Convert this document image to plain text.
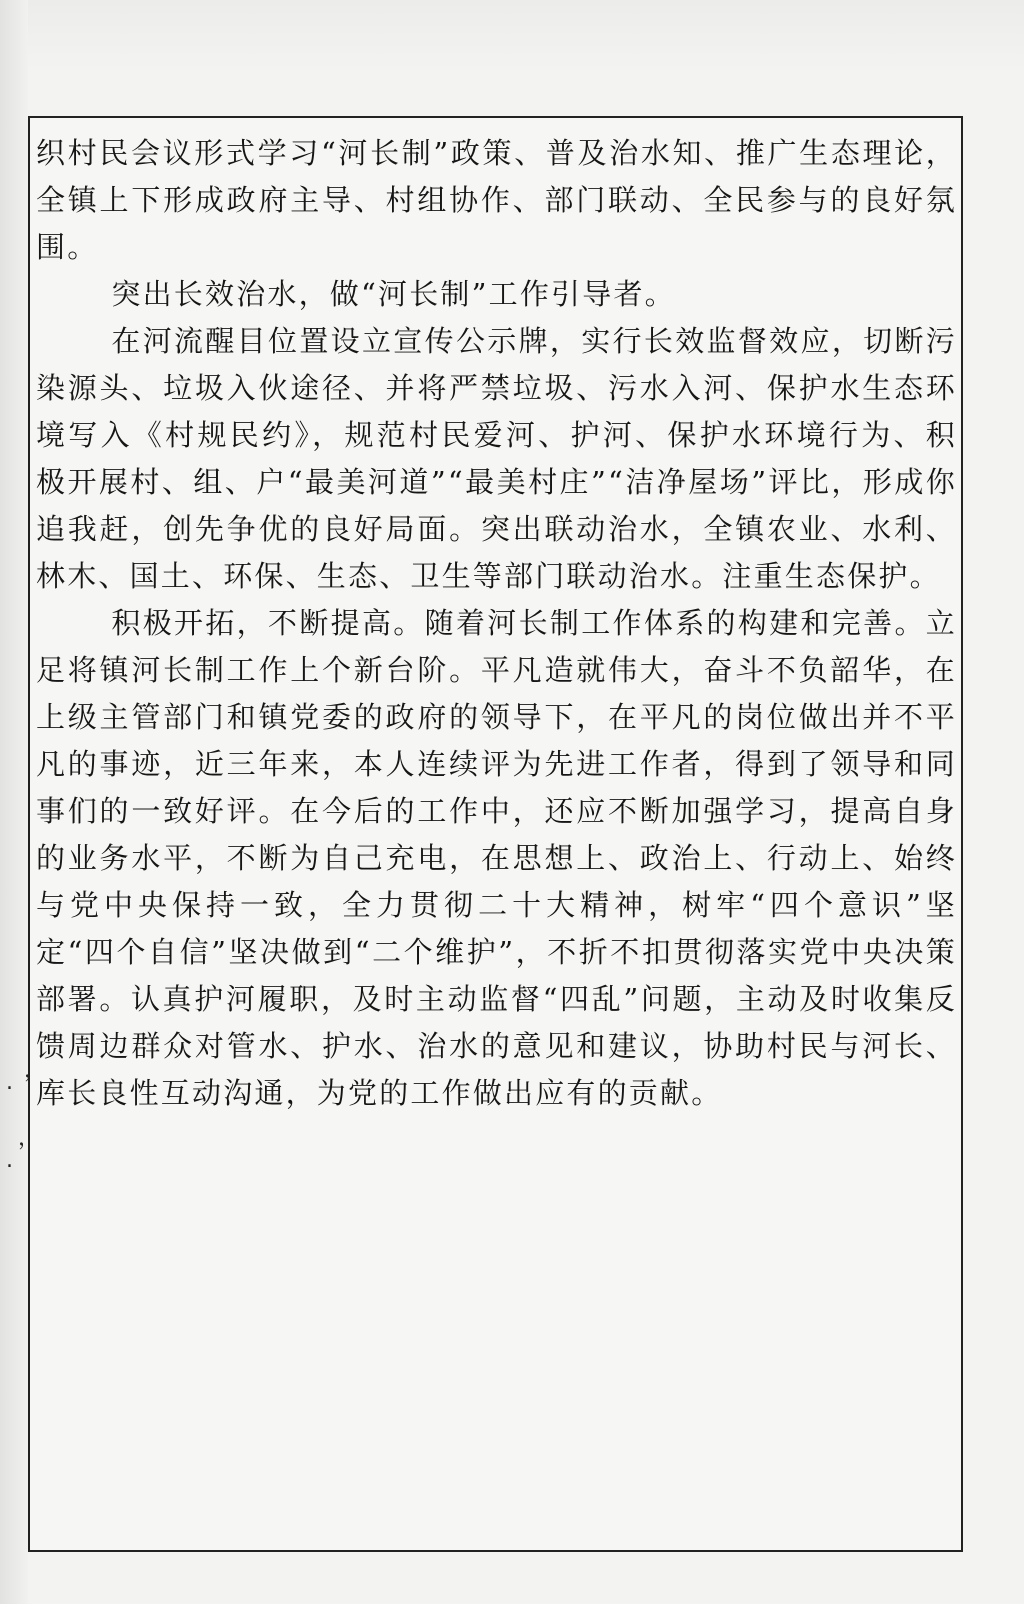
织村民会议形式学习“河长制”政策、普及治水知、推广生态理论，全镇上下形成政府主导、村组协作、部门联动、全民参与的良好氛围。

突出长效治水，做“河长制”工作引导者。

在河流醒目位置设立宣传公示牌，实行长效监督效应，切断污染源头、垃圾入伙途径、并将严禁垃圾、污水入河、保护水生态环境写入《村规民约》，规范村民爱河、护河、保护水环境行为、积极开展村、组、户“最美河道”“最美村庄”“洁净屋场”评比，形成你追我赶，创先争优的良好局面。突出联动治水，全镇农业、水利、林木、国土、环保、生态、卫生等部门联动治水。注重生态保护。

积极开拓，不断提高。随着河长制工作体系的构建和完善。立足将镇河长制工作上个新台阶。平凡造就伟大，奋斗不负韶华，在上级主管部门和镇党委的政府的领导下，在平凡的岗位做出并不平凡的事迹，近三年来，本人连续评为先进工作者，得到了领导和同事们的一致好评。在今后的工作中，还应不断加强学习，提高自身的业务水平，不断为自己充电，在思想上、政治上、行动上、始终与党中央保持一致，全力贯彻二十大精神，树牢“四个意识”坚定“四个自信”坚决做到“二个维护”，不折不扣贯彻落实党中央决策部署。认真护河履职，及时主动监督“四乱”问题，主动及时收集反馈周边群众对管水、护水、治水的意见和建议，协助村民与河长、库长良性互动沟通，为党的工作做出应有的贡献。

. ，
.
，
